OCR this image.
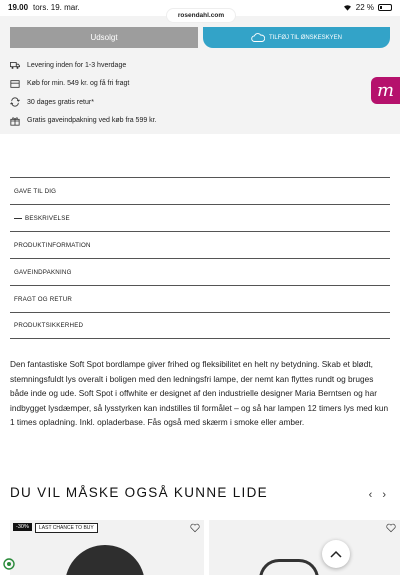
19.00 tors. 19. mar.	22 %
rosendahl.com
Udsolgt	TILFØJ TIL ØNSKESKYEN
Levering inden for 1-3 hverdage
Køb for min. 549 kr. og få fri fragt
30 dages gratis retur*
Gratis gaveindpakning ved køb fra 599 kr.
m
GAVE TIL DIG
BESKRIVELSE
PRODUKTINFORMATION
GAVEINDPAKNING
FRAGT OG RETUR
PRODUKTSIKKERHED

Den fantastiske Soft Spot bordlampe giver frihed og fleksibilitet en helt ny betydning. Skab et blødt, stemningsfuldt lys overalt i boligen med den ledningsfri lampe, der nemt kan flyttes rundt og bruges både inde og ude. Soft Spot i offwhite er designet af den industrielle designer Maria Berntsen og har indbygget lysdæmper, så lysstyrken kan indstilles til formålet – og så har lampen 12 timers lys med kun 1 times opladning. Inkl. opladerbase. Fås også med skærm i smoke eller amber.

DU VIL MÅSKE OGSÅ KUNNE LIDE	‹ ›
-30%	LAST CHANCE TO BUY
